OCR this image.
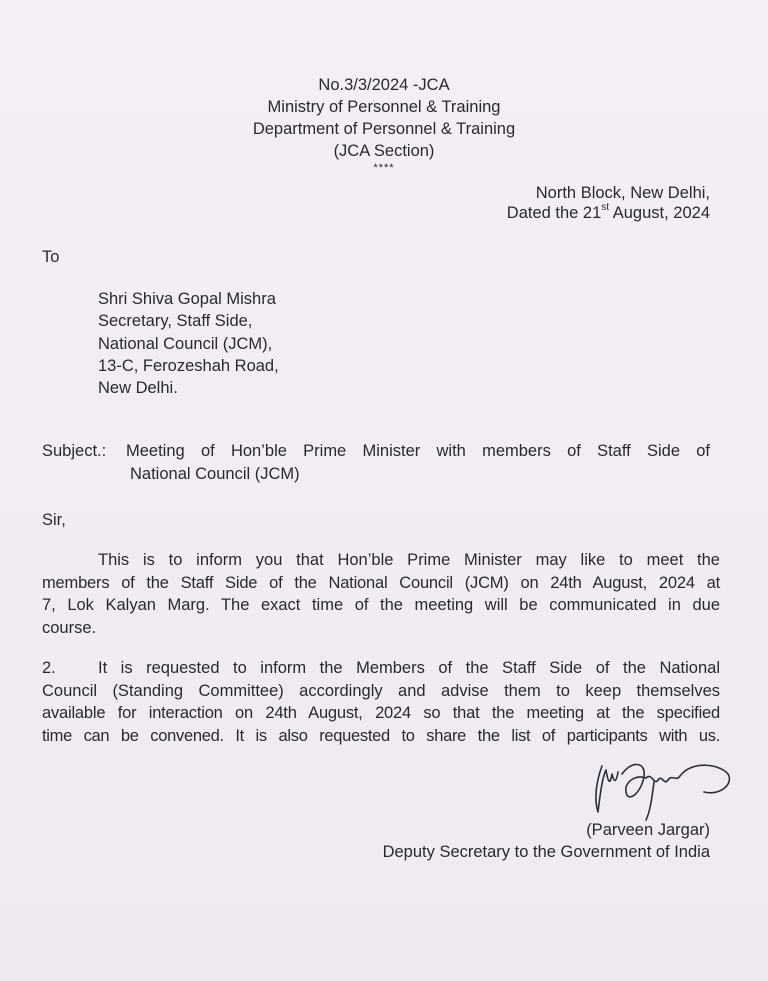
No.3/3/2024 -JCA
Ministry of Personnel & Training
Department of Personnel & Training
(JCA Section)
****
North Block, New Delhi,
Dated the 21st August, 2024
To
Shri Shiva Gopal Mishra
Secretary, Staff Side,
National Council (JCM),
13-C, Ferozeshah Road,
New Delhi.
Subject.: Meeting of Hon’ble Prime Minister with members of Staff Side of
National Council (JCM)
Sir,
This is to inform you that Hon’ble Prime Minister may like to meet the
members of the Staff Side of the National Council (JCM) on 24th August, 2024 at
7, Lok Kalyan Marg. The exact time of the meeting will be communicated in due
course.
2.	It is requested to inform the Members of the Staff Side of the National
Council (Standing Committee) accordingly and advise them to keep themselves
available for interaction on 24th August, 2024 so that the meeting at the specified
time can be convened. It is also requested to share the list of participants with us.
(Parveen Jargar)
Deputy Secretary to the Government of India
